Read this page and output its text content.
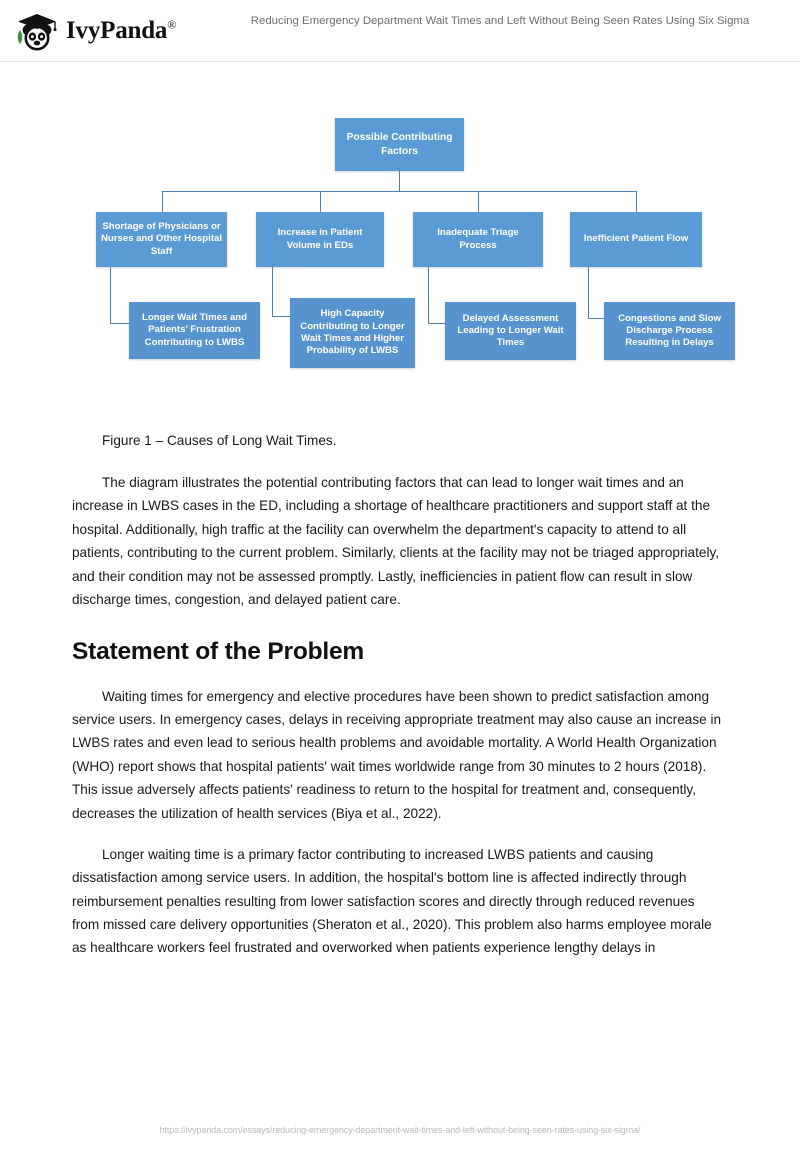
IvyPanda®	Reducing Emergency Department Wait Times and Left Without Being Seen Rates Using Six Sigma
Possible Contributing Factors
Shortage of Physicians or Nurses and Other Hospital Staff
Increase in Patient Volume in EDs
Inadequate Triage Process
Inefficient Patient Flow
Longer Wait Times and Patients’ Frustration Contributing to LWBS
High Capacity Contributing to Longer Wait Times and Higher Probability of LWBS
Delayed Assessment Leading to Longer Wait Times
Congestions and Slow Discharge Process Resulting in Delays
Figure 1 – Causes of Long Wait Times.

The diagram illustrates the potential contributing factors that can lead to longer wait times and an increase in LWBS cases in the ED, including a shortage of healthcare practitioners and support staff at the hospital. Additionally, high traffic at the facility can overwhelm the department's capacity to attend to all patients, contributing to the current problem. Similarly, clients at the facility may not be triaged appropriately, and their condition may not be assessed promptly. Lastly, inefficiencies in patient flow can result in slow discharge times, congestion, and delayed patient care.

Statement of the Problem

Waiting times for emergency and elective procedures have been shown to predict satisfaction among service users. In emergency cases, delays in receiving appropriate treatment may also cause an increase in LWBS rates and even lead to serious health problems and avoidable mortality. A World Health Organization (WHO) report shows that hospital patients' wait times worldwide range from 30 minutes to 2 hours (2018). This issue adversely affects patients' readiness to return to the hospital for treatment and, consequently, decreases the utilization of health services (Biya et al., 2022).

Longer waiting time is a primary factor contributing to increased LWBS patients and causing dissatisfaction among service users. In addition, the hospital's bottom line is affected indirectly through reimbursement penalties resulting from lower satisfaction scores and directly through reduced revenues from missed care delivery opportunities (Sheraton et al., 2020). This problem also harms employee morale as healthcare workers feel frustrated and overworked when patients experience lengthy delays in

https://ivypanda.com/essays/reducing-emergency-department-wait-times-and-left-without-being-seen-rates-using-six-sigma/
